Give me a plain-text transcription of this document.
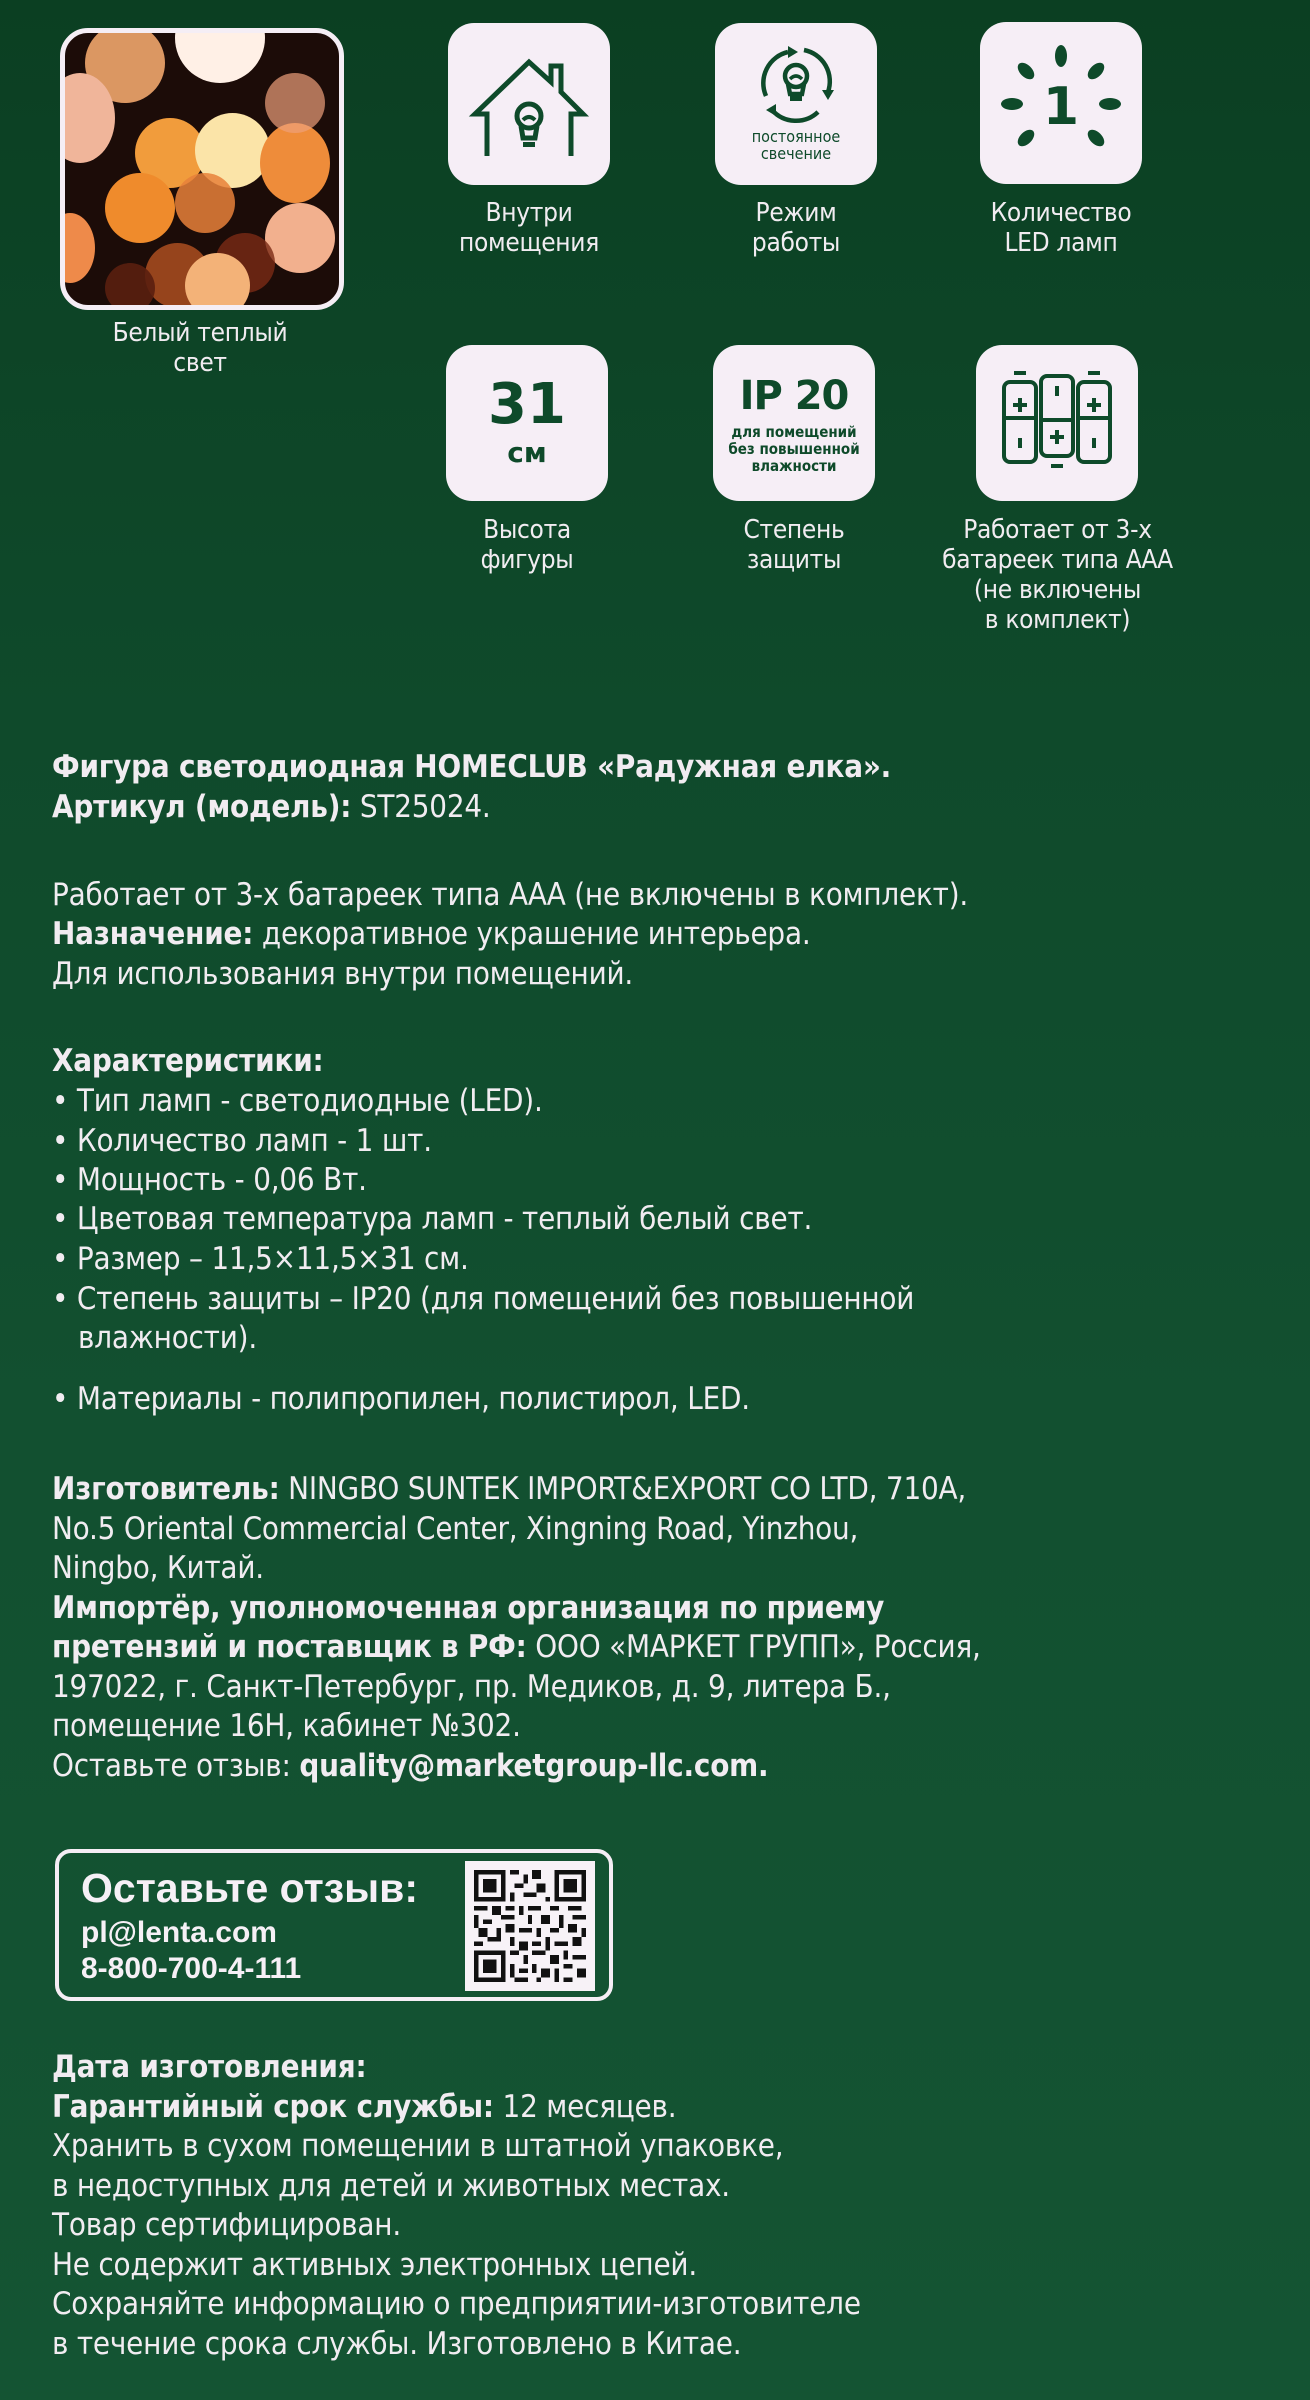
Белый теплый
свет
Внутри
помещения
постоянное
свечение
Режим
работы
1
Количество
LED ламп
31
см
Высота
фигуры
IP 20
для помещений
без повышенной
влажности
Степень
защиты
Работает от 3-х
батареек типа ААА
(не включены
в комплект)
Фигура светодиодная HOMECLUB «Радужная елка».
Артикул (модель): ST25024.
Работает от 3-х батареек типа ААА (не включены в комплект).
Назначение: декоративное украшение интерьера.
Для использования внутри помещений.
Характеристики:
• Тип ламп - светодиодные (LED).
• Количество ламп - 1 шт.
• Мощность - 0,06 Вт.
• Цветовая температура ламп - теплый белый свет.
• Размер – 11,5×11,5×31 см.
• Степень защиты – IP20 (для помещений без повышенной
влажности).
• Материалы - полипропилен, полистирол, LED.
Изготовитель: NINGBO SUNTEK IMPORT&EXPORT CO LTD, 710A,
No.5 Oriental Commercial Center, Xingning Road, Yinzhou,
Ningbo, Китай.
Импортёр, уполномоченная организация по приему
претензий и поставщик в РФ: ООО «МАРКЕТ ГРУПП», Россия,
197022, г. Санкт-Петербург, пр. Медиков, д. 9, литера Б.,
помещение 16Н, кабинет №302.
Оставьте отзыв: quality@marketgroup-llc.com.
Оставьте отзыв:
pl@lenta.com
8-800-700-4-111
Дата изготовления:
Гарантийный срок службы: 12 месяцев.
Хранить в сухом помещении в штатной упаковке,
в недоступных для детей и животных местах.
Товар сертифицирован.
Не содержит активных электронных цепей.
Сохраняйте информацию о предприятии-изготовителе
в течение срока службы. Изготовлено в Китае.
